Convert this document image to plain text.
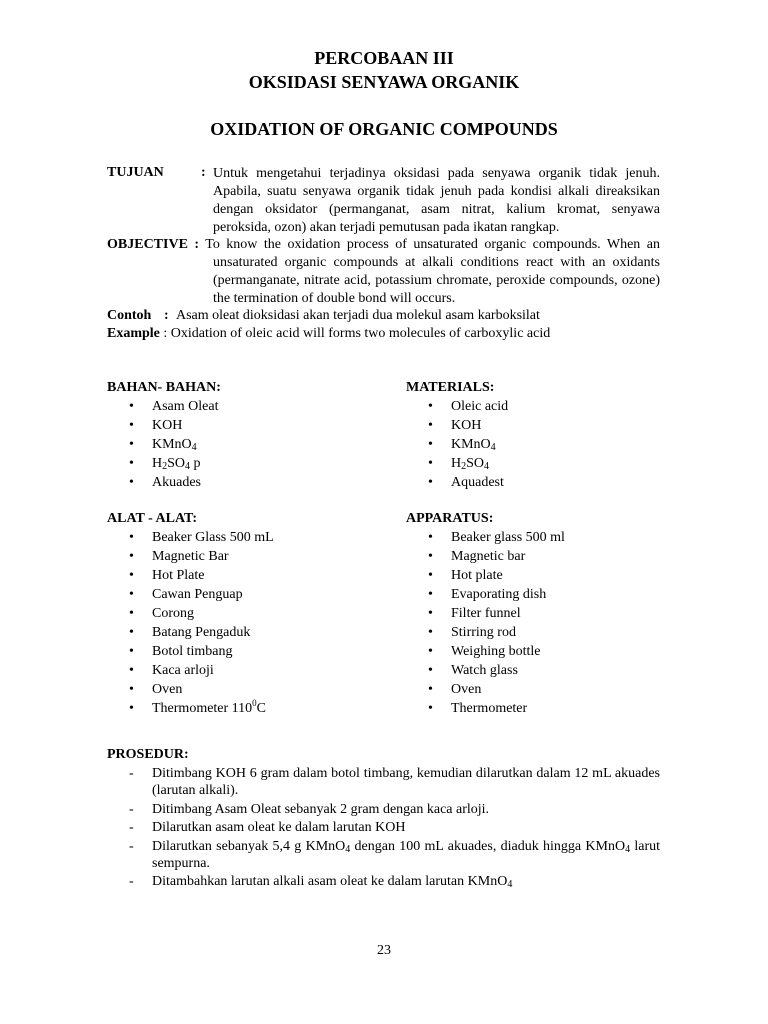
PERCOBAAN III
OKSIDASI SENYAWA ORGANIK
OXIDATION OF ORGANIC COMPOUNDS
TUJUAN	: Untuk mengetahui terjadinya oksidasi pada senyawa organik tidak jenuh. Apabila, suatu senyawa organik tidak jenuh pada kondisi alkali direaksikan dengan oksidator (permanganat, asam nitrat, kalium kromat, senyawa peroksida, ozon) akan terjadi pemutusan pada ikatan rangkap.
OBJECTIVE : To know the oxidation process of unsaturated organic compounds. When an unsaturated organic compounds at alkali conditions react with an oxidants (permanganate, nitrate acid, potassium chromate, peroxide compounds, ozone) the termination of double bond will occurs.
Contoh : Asam oleat dioksidasi akan terjadi dua molekul asam karboksilat
Example : Oxidation of oleic acid will forms two molecules of carboxylic acid
BAHAN- BAHAN:
• Asam Oleat
• KOH
• KMnO$_4$
• $H_2SO_4$ p
• Akuades
MATERIALS:
• Oleic acid
• KOH
• KMnO$_4$
• $H_2SO_4$
• Aquadest
ALAT - ALAT:
• Beaker Glass 500 mL
• Magnetic Bar
• Hot Plate
• Cawan Penguap
• Corong
• Batang Pengaduk
• Botol timbang
• Kaca arloji
• Oven
• Thermometer $110^0C$
APPARATUS:
• Beaker glass 500 ml
• Magnetic bar
• Hot plate
• Evaporating dish
• Filter funnel
• Stirring rod
• Weighing bottle
• Watch glass
• Oven
• Thermometer
PROSEDUR:
- Ditimbang KOH 6 gram dalam botol timbang, kemudian dilarutkan dalam 12 mL akuades (larutan alkali).
- Ditimbang Asam Oleat sebanyak 2 gram dengan kaca arloji.
- Dilarutkan asam oleat ke dalam larutan KOH
- Dilarutkan sebanyak 5,4 g KMnO$_4$ dengan 100 mL akuades, diaduk hingga KMnO$_4$ larut sempurna.
- Ditambahkan larutan alkali asam oleat ke dalam larutan KMnO$_4$
23
